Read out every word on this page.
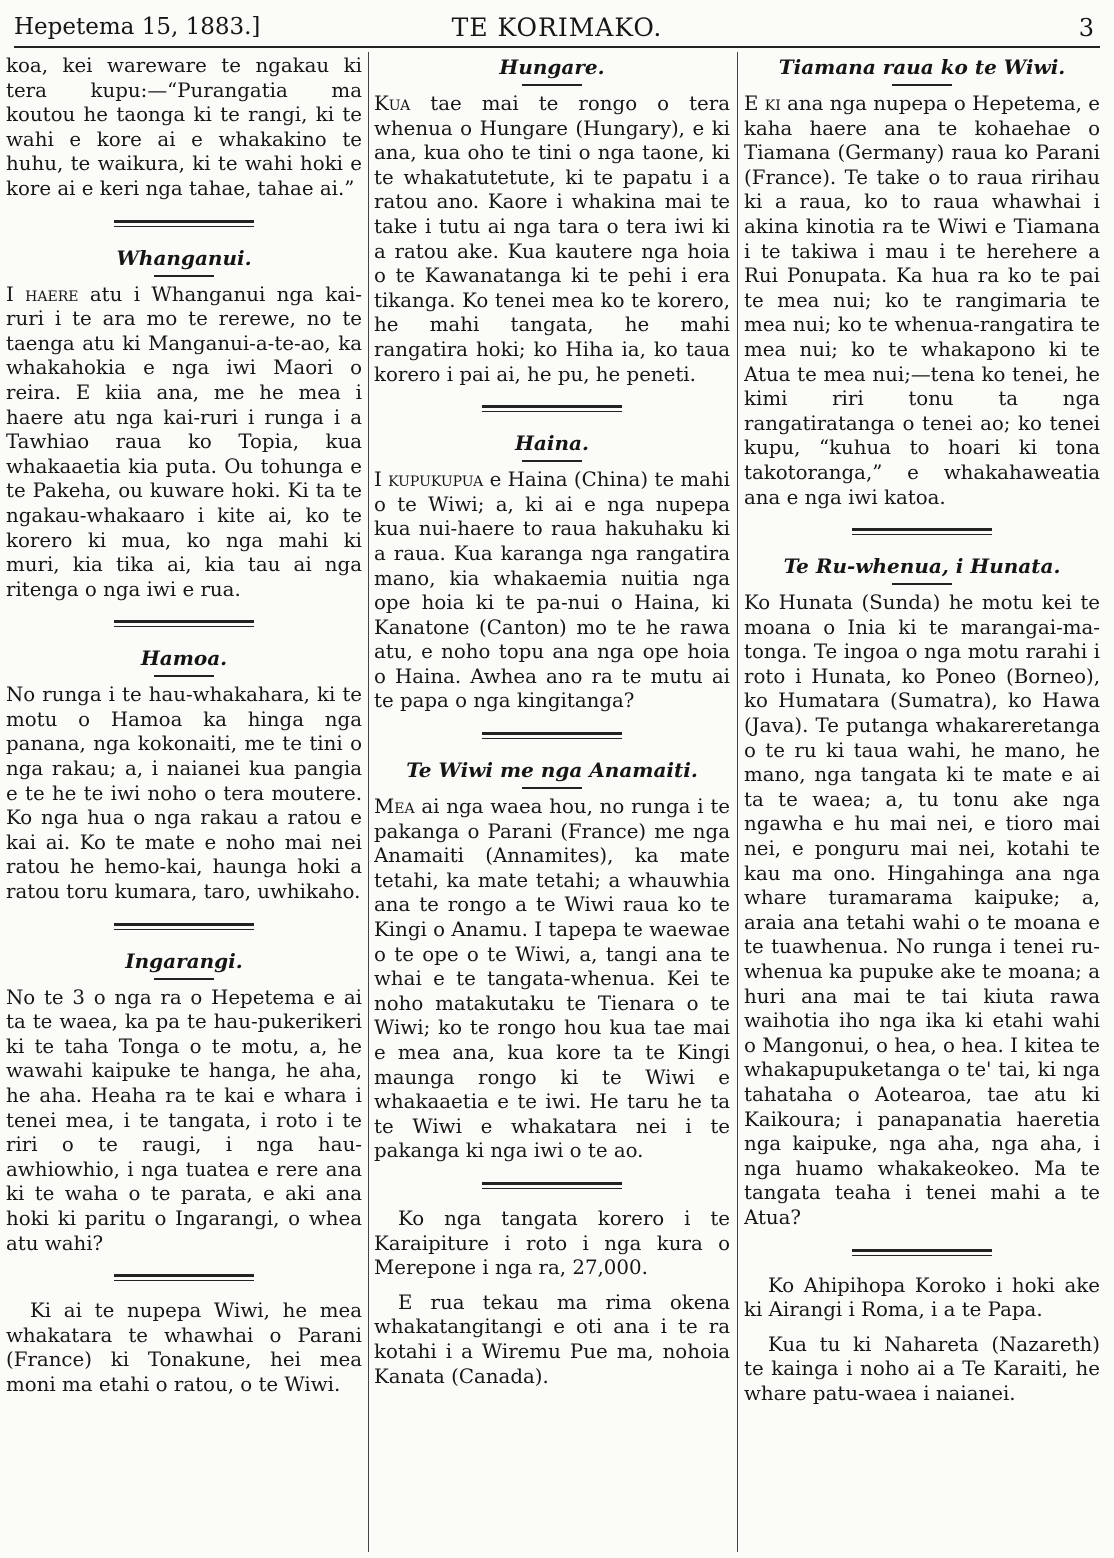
Hepetema 15, 1883.]	TE KORIMAKO.	3

koa, kei wareware te ngakau ki tera kupu:—“Purangatia ma koutou he taonga ki te rangi, ki te wahi e kore ai e whakakino te huhu, te waikura, ki te wahi hoki e kore ai e keri nga tahae, tahae ai.”

Whanganui.

I haere atu i Whanganui nga kai-ruri i te ara mo te rerewe, no te taenga atu ki Manganui-a-te-ao, ka whakahokia e nga iwi Maori o reira. E kiia ana, me he mea i haere atu nga kai-ruri i runga i a Tawhiao raua ko Topia, kua whakaaetia kia puta. Ou tohunga e te Pakeha, ou kuware hoki. Ki ta te ngakau-whakaaro i kite ai, ko te korero ki mua, ko nga mahi ki muri, kia tika ai, kia tau ai nga ritenga o nga iwi e rua.

Hamoa.

No runga i te hau-whakahara, ki te motu o Hamoa ka hinga nga panana, nga kokonaiti, me te tini o nga rakau; a, i naianei kua pangia e te he te iwi noho o tera moutere. Ko nga hua o nga rakau a ratou e kai ai. Ko te mate e noho mai nei ratou he hemo-kai, haunga hoki a ratou toru kumara, taro, uwhikaho.

Ingarangi.

No te 3 o nga ra o Hepetema e ai ta te waea, ka pa te hau-pukerikeri ki te taha Tonga o te motu, a, he wawahi kaipuke te hanga, he aha, he aha. Heaha ra te kai e whara i tenei mea, i te tangata, i roto i te riri o te raugi, i nga hau-awhiowhio, i nga tuatea e rere ana ki te waha o te parata, e aki ana hoki ki paritu o Ingarangi, o whea atu wahi?

Ki ai te nupepa Wiwi, he mea whakatara te whawhai o Parani (France) ki Tonakune, hei mea moni ma etahi o ratou, o te Wiwi.

Hungare.

Kua tae mai te rongo o tera whenua o Hungare (Hungary), e ki ana, kua oho te tini o nga taone, ki te whakatutetute, ki te papatu i a ratou ano. Kaore i whakina mai te take i tutu ai nga tara o tera iwi ki a ratou ake. Kua kautere nga hoia o te Kawanatanga ki te pehi i era tikanga. Ko tenei mea ko te korero, he mahi tangata, he mahi rangatira hoki; ko Hiha ia, ko taua korero i pai ai, he pu, he peneti.

Haina.

I kupukupua e Haina (China) te mahi o te Wiwi; a, ki ai e nga nupepa kua nui-haere to raua hakuhaku ki a raua. Kua karanga nga rangatira mano, kia whakaemia nuitia nga ope hoia ki te pa-nui o Haina, ki Kanatone (Canton) mo te he rawa atu, e noho topu ana nga ope hoia o Haina. Awhea ano ra te mutu ai te papa o nga kingitanga?

Te Wiwi me nga Anamaiti.

Mea ai nga waea hou, no runga i te pakanga o Parani (France) me nga Anamaiti (Annamites), ka mate tetahi, ka mate tetahi; a whauwhia ana te rongo a te Wiwi raua ko te Kingi o Anamu. I tapepa te waewae o te ope o te Wiwi, a, tangi ana te whai e te tangata-whenua. Kei te noho matakutaku te Tienara o te Wiwi; ko te rongo hou kua tae mai e mea ana, kua kore ta te Kingi maunga rongo ki te Wiwi e whakaaetia e te iwi. He taru he ta te Wiwi e whakatara nei i te pakanga ki nga iwi o te ao.

Ko nga tangata korero i te Karaipiture i roto i nga kura o Merepone i nga ra, 27,000.

E rua tekau ma rima okena whakatangitangi e oti ana i te ra kotahi i a Wiremu Pue ma, nohoia Kanata (Canada).

Tiamana raua ko te Wiwi.

E ki ana nga nupepa o Hepetema, e kaha haere ana te kohaehae o Tiamana (Germany) raua ko Parani (France). Te take o to raua ririhau ki a raua, ko to raua whawhai i akina kinotia ra te Wiwi e Tiamana i te takiwa i mau i te herehere a Rui Ponupata. Ka hua ra ko te pai te mea nui; ko te rangimaria te mea nui; ko te whenua-rangatira te mea nui; ko te whakapono ki te Atua te mea nui;—tena ko tenei, he kimi riri tonu ta nga rangatiratanga o tenei ao; ko tenei kupu, “kuhua to hoari ki tona takotoranga,” e whakahaweatia ana e nga iwi katoa.

Te Ru-whenua, i Hunata.

Ko Hunata (Sunda) he motu kei te moana o Inia ki te marangai-ma-tonga. Te ingoa o nga motu rarahi i roto i Hunata, ko Poneo (Borneo), ko Humatara (Sumatra), ko Hawa (Java). Te putanga whakareretanga o te ru ki taua wahi, he mano, he mano, nga tangata ki te mate e ai ta te waea; a, tu tonu ake nga ngawha e hu mai nei, e tioro mai nei, e ponguru mai nei, kotahi te kau ma ono. Hingahinga ana nga whare turamarama kaipuke; a, araia ana tetahi wahi o te moana e te tuawhenua. No runga i tenei ru-whenua ka pupuke ake te moana; a huri ana mai te tai kiuta rawa waihotia iho nga ika ki etahi wahi o Mangonui, o hea, o hea. I kitea te whakapupuketanga o te' tai, ki nga tahataha o Aotearoa, tae atu ki Kaikoura; i panapanatia haeretia nga kaipuke, nga aha, nga aha, i nga huamo whakakeokeo. Ma te tangata teaha i tenei mahi a te Atua?

Ko Ahipihopa Koroko i hoki ake ki Airangi i Roma, i a te Papa.

Kua tu ki Nahareta (Nazareth) te kainga i noho ai a Te Karaiti, he whare patu-waea i naianei.
